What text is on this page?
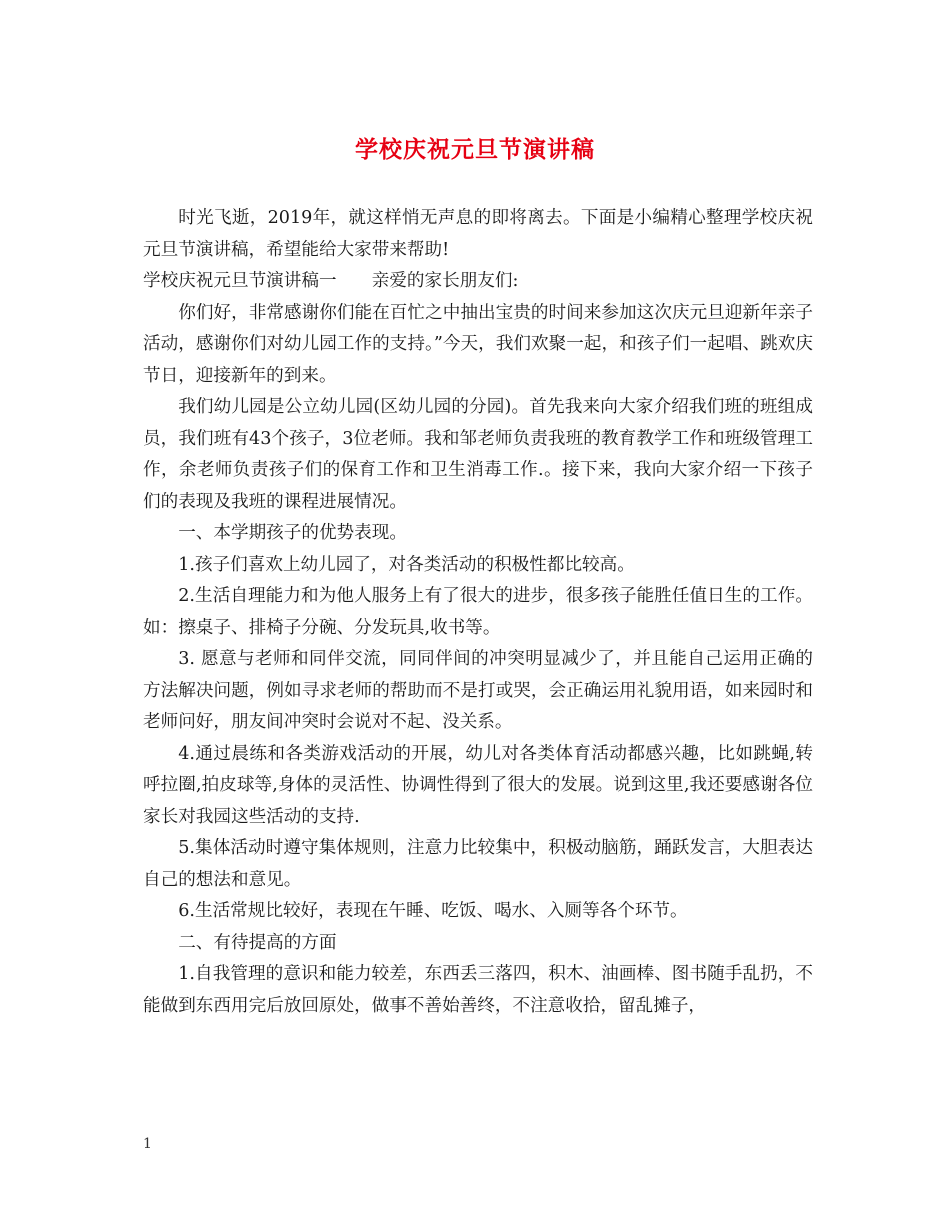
学校庆祝元旦节演讲稿

时光飞逝，2019年，就这样悄无声息的即将离去。下面是小编精心整理学校庆祝元旦节演讲稿，希望能给大家带来帮助!

学校庆祝元旦节演讲稿一　　亲爱的家长朋友们:

你们好，非常感谢你们能在百忙之中抽出宝贵的时间来参加这次庆元旦迎新年亲子活动，感谢你们对幼儿园工作的支持。”今天，我们欢聚一起，和孩子们一起唱、跳欢庆节日，迎接新年的到来。

我们幼儿园是公立幼儿园(区幼儿园的分园)。首先我来向大家介绍我们班的班组成员，我们班有43个孩子，3位老师。我和邹老师负责我班的教育教学工作和班级管理工作，余老师负责孩子们的保育工作和卫生消毒工作.。接下来，我向大家介绍一下孩子们的表现及我班的课程进展情况。

一、本学期孩子的优势表现。

1.孩子们喜欢上幼儿园了，对各类活动的积极性都比较高。

2.生活自理能力和为他人服务上有了很大的进步，很多孩子能胜任值日生的工作。如：擦桌子、排椅子分碗、分发玩具,收书等。

3. 愿意与老师和同伴交流，同同伴间的冲突明显减少了，并且能自己运用正确的方法解决问题，例如寻求老师的帮助而不是打或哭，会正确运用礼貌用语，如来园时和老师问好，朋友间冲突时会说对不起、没关系。

4.通过晨练和各类游戏活动的开展，幼儿对各类体育活动都感兴趣，比如跳蝇,转呼拉圈,拍皮球等,身体的灵活性、协调性得到了很大的发展。说到这里,我还要感谢各位家长对我园这些活动的支持.

5.集体活动时遵守集体规则，注意力比较集中，积极动脑筋，踊跃发言，大胆表达自己的想法和意见。

6.生活常规比较好，表现在午睡、吃饭、喝水、入厕等各个环节。

二、有待提高的方面

1.自我管理的意识和能力较差，东西丢三落四，积木、油画棒、图书随手乱扔，不能做到东西用完后放回原处，做事不善始善终，不注意收拾，留乱摊子，

1
